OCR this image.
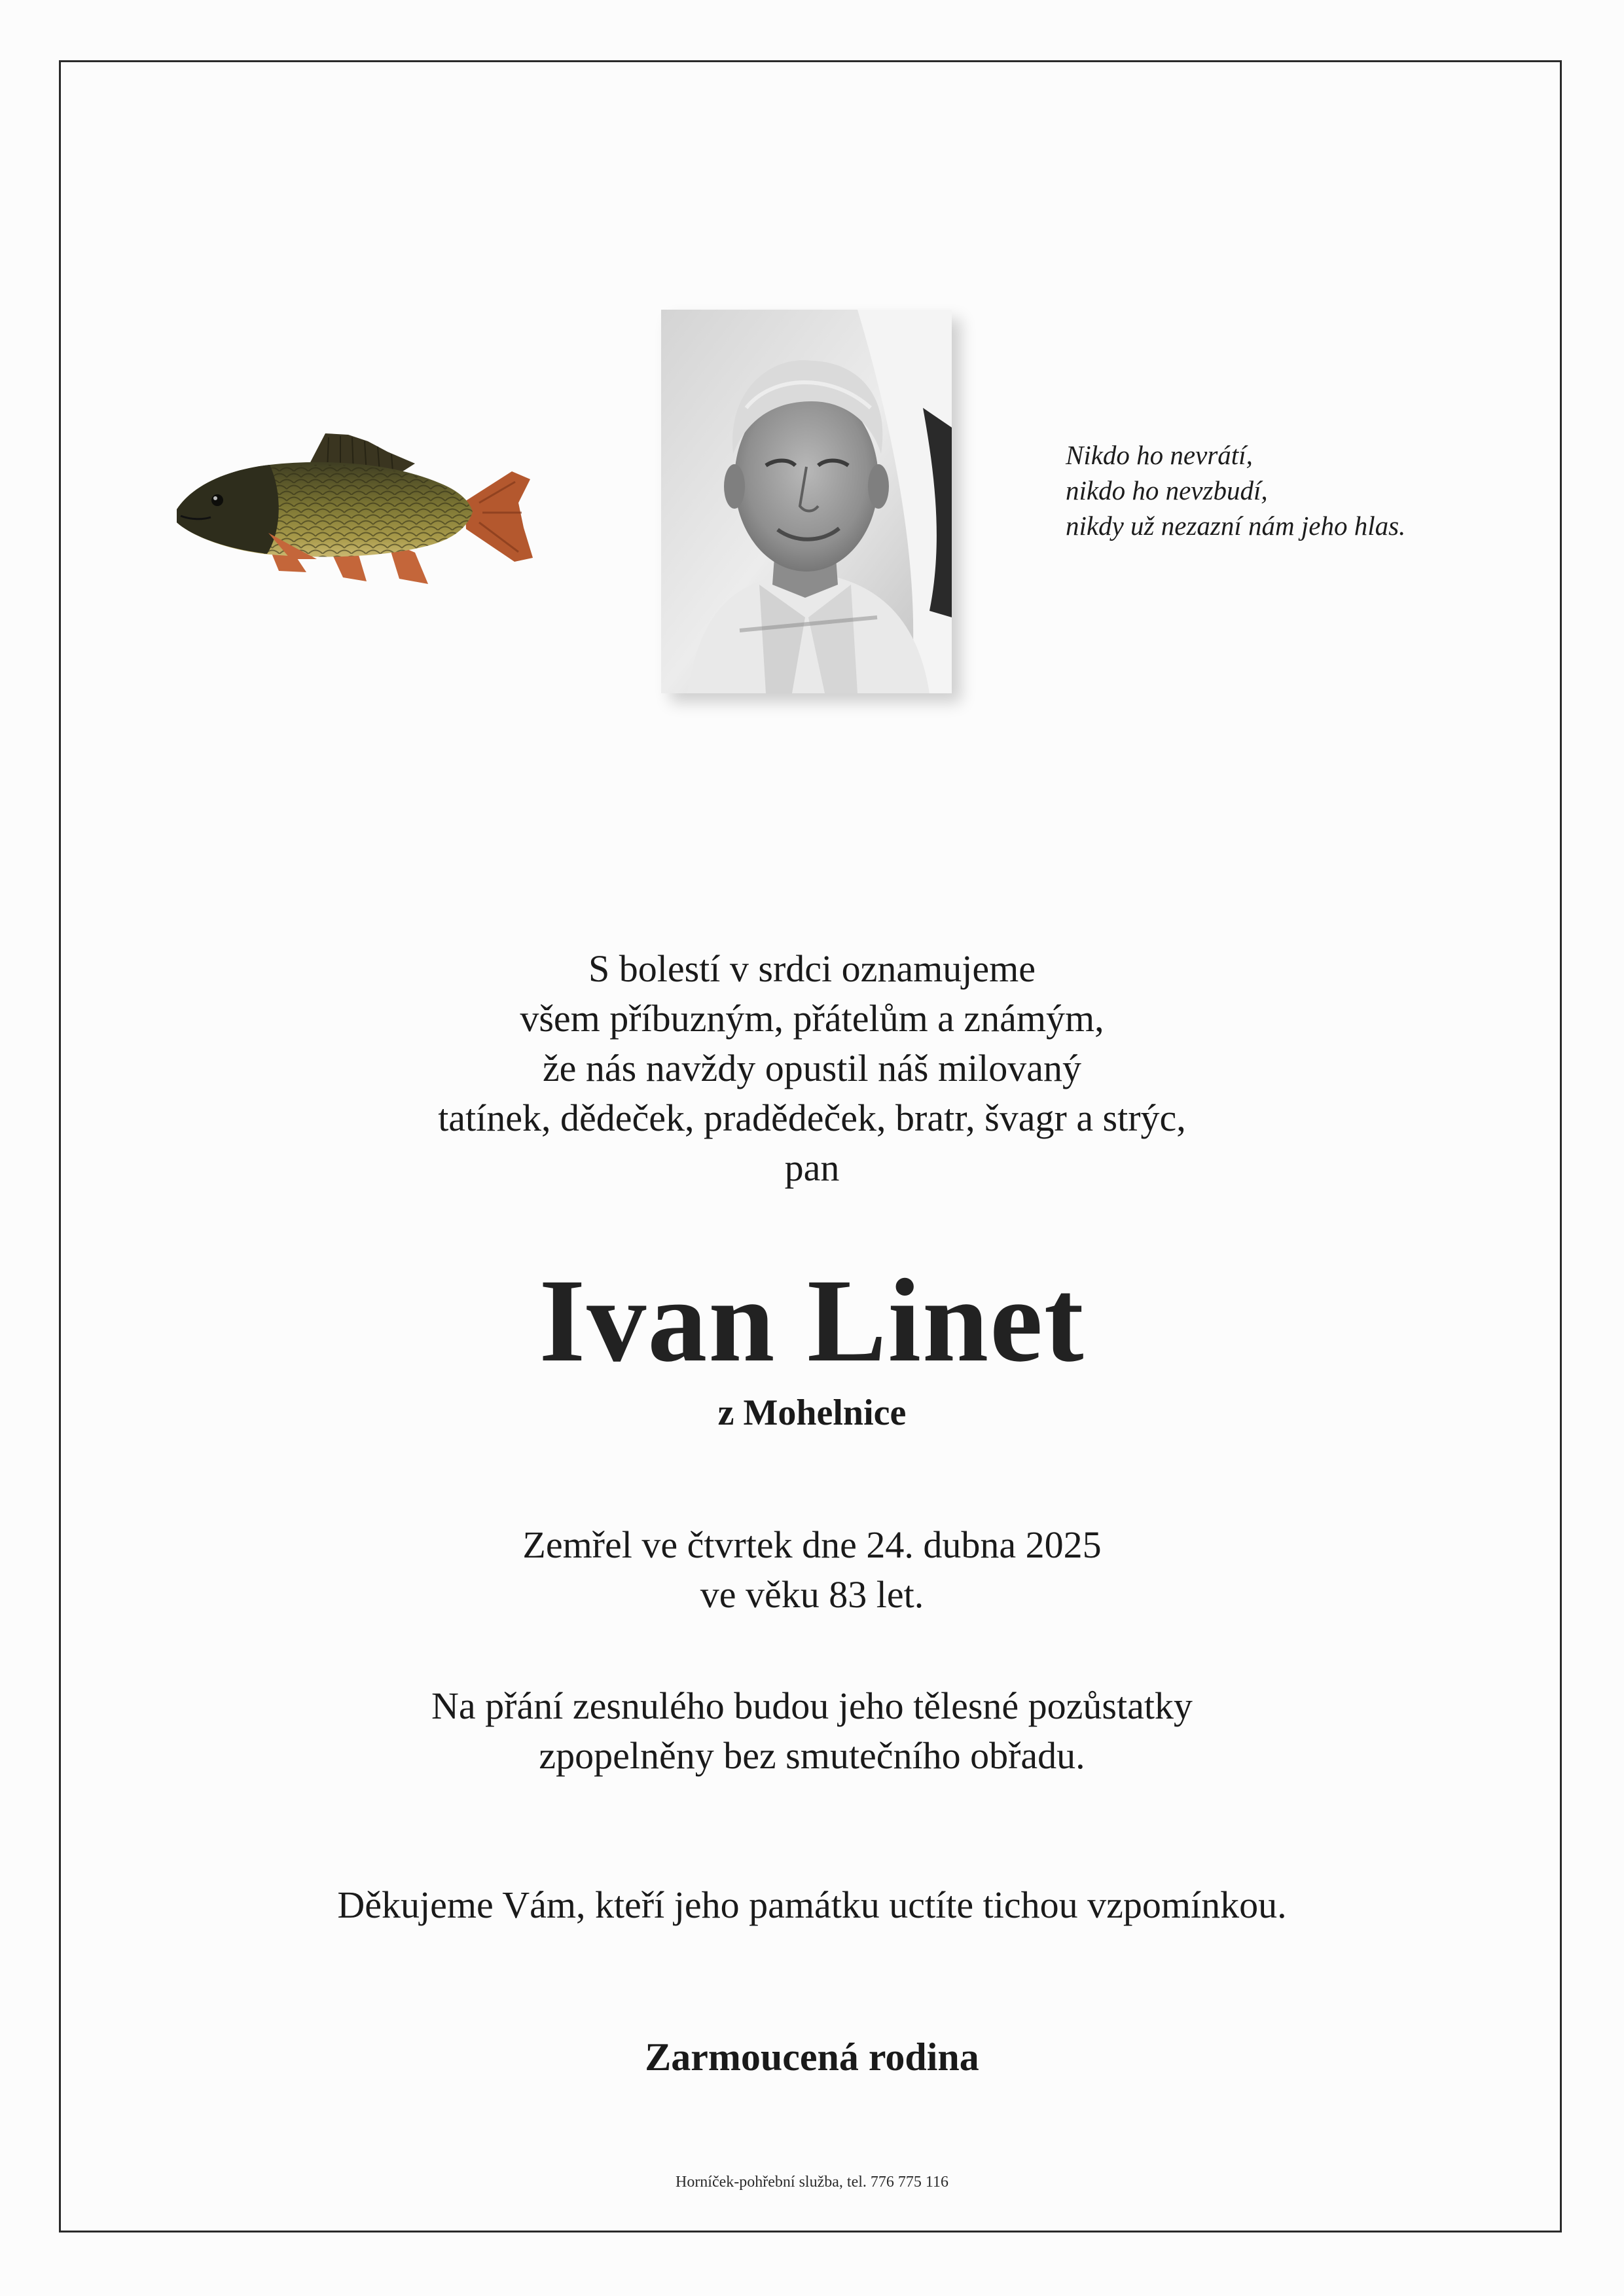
Nikdo ho nevrátí,
nikdo ho nevzbudí,
nikdy už nezazní nám jeho hlas.
S bolestí v srdci oznamujeme
všem příbuzným, přátelům a známým,
že nás navždy opustil náš milovaný
tatínek, dědeček, pradědeček, bratr, švagr a strýc,
pan
Ivan Linet
z Mohelnice
Zemřel ve čtvrtek dne 24. dubna 2025
ve věku 83 let.
Na přání zesnulého budou jeho tělesné pozůstatky
zpopelněny bez smutečního obřadu.
Děkujeme Vám, kteří jeho památku uctíte tichou vzpomínkou.
Zarmoucená rodina
Horníček-pohřební služba, tel. 776 775 116
